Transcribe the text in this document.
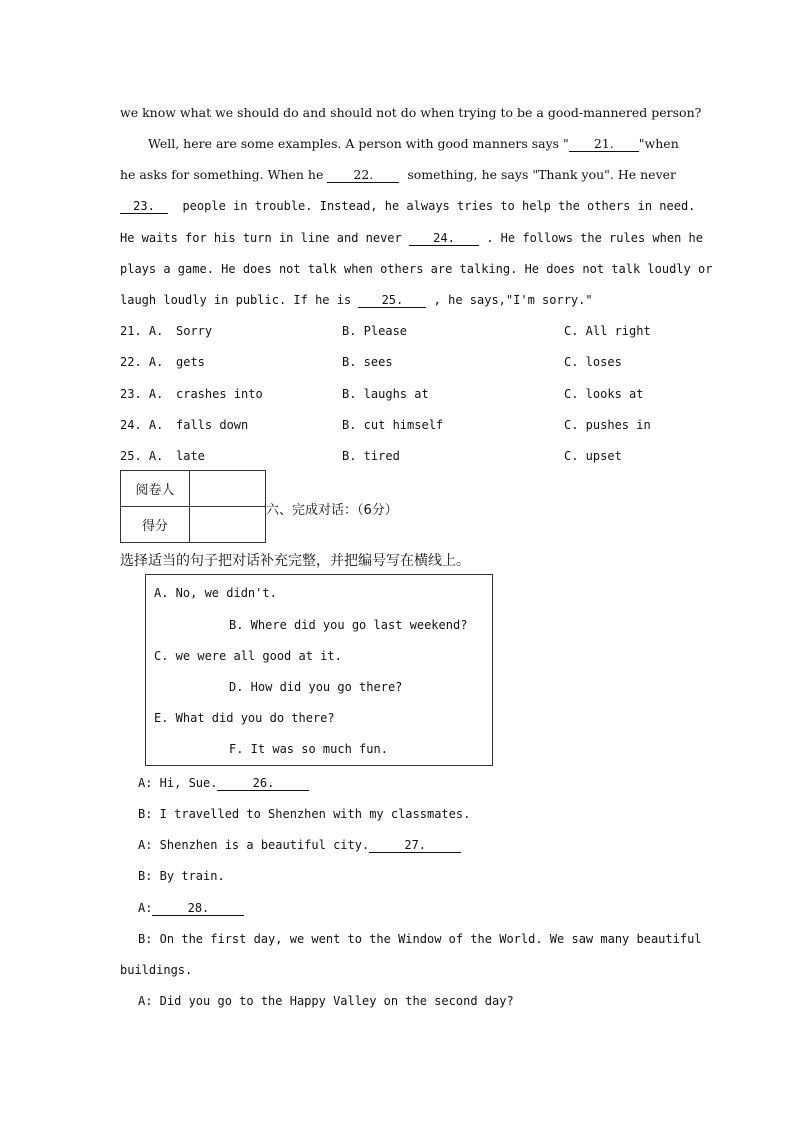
we know what we should do and should not do when trying to be a good-mannered person?
Well, here are some examples. A person with good manners says " 21. "when
he asks for something. When he 22.	something, he says "Thank you". He never
23. people in trouble. Instead, he always tries to help the others in need.
He waits for his turn in line and never	24.	. He follows the rules when he
plays a game. He does not talk when others are talking. He does not talk loudly or
laugh loudly in public. If he is	25.	, he says,"I'm sorry."
21. A. Sorry	B. Please	C. All right
22. A. gets	B. sees	C. loses
23. A. crashes into	B. laughs at	C. looks at
24. A. falls down	B. cut himself	C. pushes in
25. A. late	B. tired	C. upset
阅卷人	
得分	
六、完成对话：（6分）
选择适当的句子把对话补充完整，并把编号写在横线上。
A. No, we didn't.
B. Where did you go last weekend?
C. we were all good at it.
D. How did you go there?
E. What did you do there?
F. It was so much fun.
A: Hi, Sue.	26.
B: I travelled to Shenzhen with my classmates.
A: Shenzhen is a beautiful city.	27.
B: By train.
A:	28.
B: On the first day, we went to the Window of the World. We saw many beautiful
buildings.
A: Did you go to the Happy Valley on the second day?
